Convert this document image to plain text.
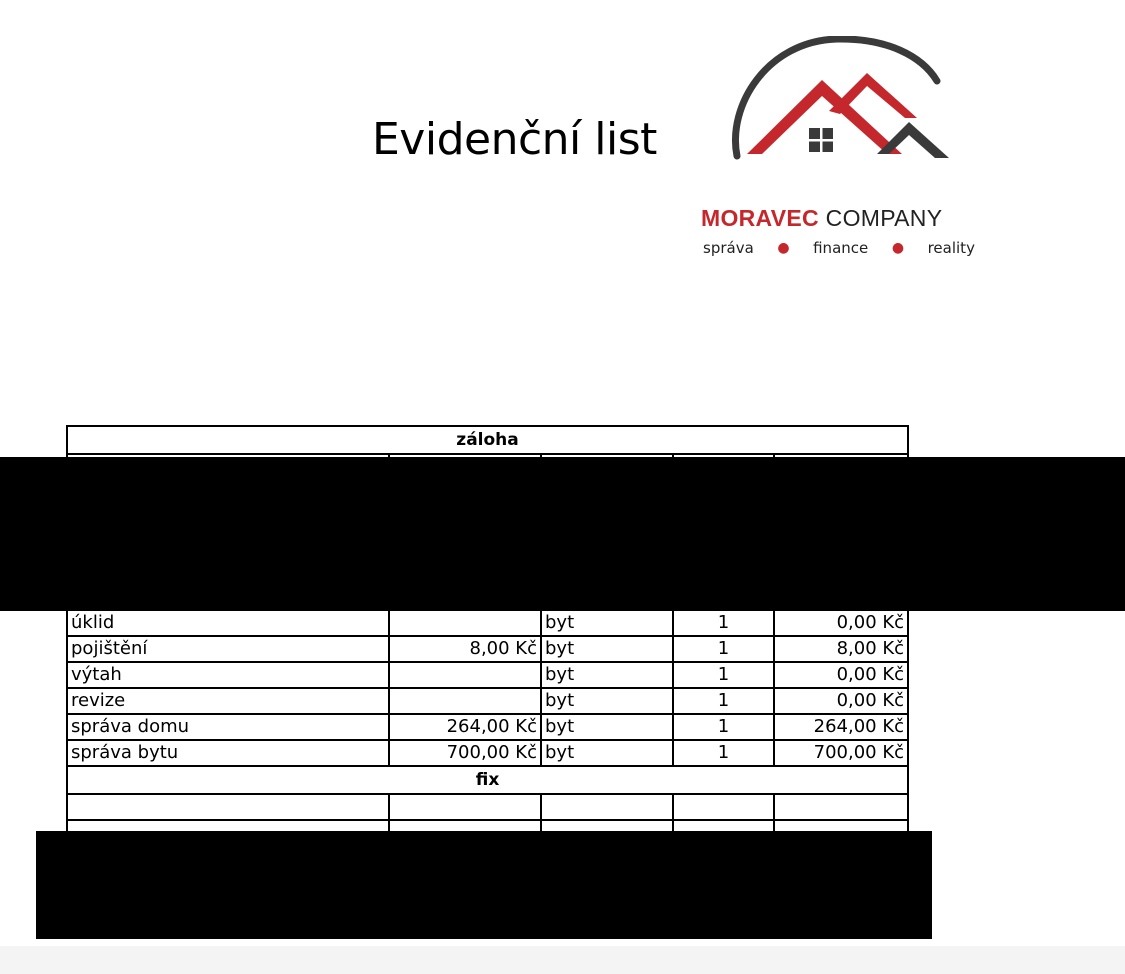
Evidenční list
MORAVEC COMPANY
správa ● finance ● reality
záloha				

úklid		byt	1	0,00 Kč
pojištění	8,00 Kč	byt	1	8,00 Kč
výtah		byt	1	0,00 Kč
revize		byt	1	0,00 Kč
správa domu	264,00 Kč	byt	1	264,00 Kč
správa bytu	700,00 Kč	byt	1	700,00 Kč
fix				
